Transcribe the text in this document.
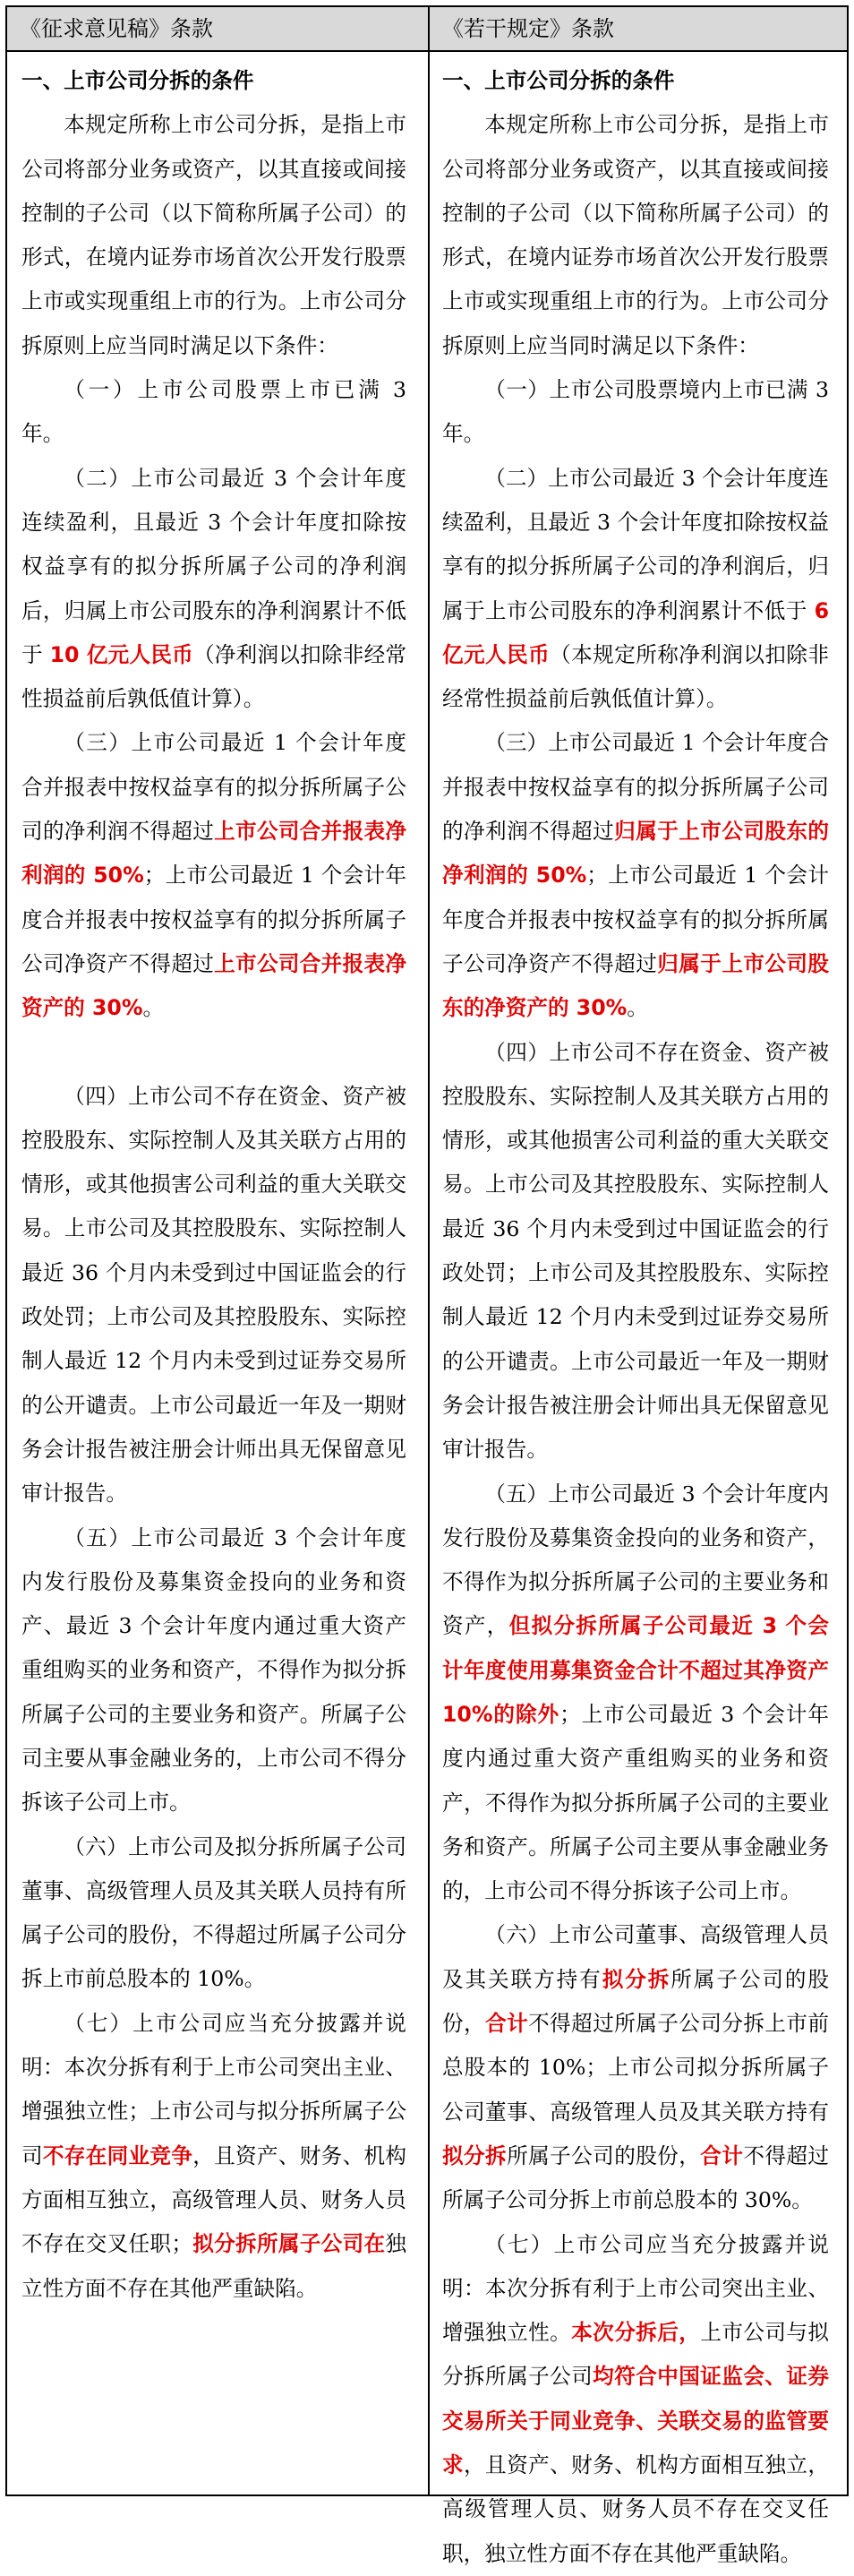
《征求意见稿》条款	《若干规定》条款
一、上市公司分拆的条件

本规定所称上市公司分拆，是指上市公司将部分业务或资产，以其直接或间接控制的子公司（以下简称所属子公司）的形式，在境内证券市场首次公开发行股票上市或实现重组上市的行为。上市公司分拆原则上应当同时满足以下条件：

（一）上市公司股票上市已满 3 年。

（二）上市公司最近 3 个会计年度连续盈利，且最近 3 个会计年度扣除按权益享有的拟分拆所属子公司的净利润后，归属上市公司股东的净利润累计不低于 10 亿元人民币（净利润以扣除非经常性损益前后孰低值计算）。

（三）上市公司最近 1 个会计年度合并报表中按权益享有的拟分拆所属子公司的净利润不得超过上市公司合并报表净利润的 50%；上市公司最近 1 个会计年度合并报表中按权益享有的拟分拆所属子公司净资产不得超过上市公司合并报表净资产的 30%。

（四）上市公司不存在资金、资产被控股股东、实际控制人及其关联方占用的情形，或其他损害公司利益的重大关联交易。上市公司及其控股股东、实际控制人最近 36 个月内未受到过中国证监会的行政处罚；上市公司及其控股股东、实际控制人最近 12 个月内未受到过证券交易所的公开谴责。上市公司最近一年及一期财务会计报告被注册会计师出具无保留意见审计报告。

（五）上市公司最近 3 个会计年度内发行股份及募集资金投向的业务和资产、最近 3 个会计年度内通过重大资产重组购买的业务和资产，不得作为拟分拆所属子公司的主要业务和资产。所属子公司主要从事金融业务的，上市公司不得分拆该子公司上市。

（六）上市公司及拟分拆所属子公司董事、高级管理人员及其关联人员持有所属子公司的股份，不得超过所属子公司分拆上市前总股本的 10%。

（七）上市公司应当充分披露并说明：本次分拆有利于上市公司突出主业、增强独立性；上市公司与拟分拆所属子公司不存在同业竞争，且资产、财务、机构方面相互独立，高级管理人员、财务人员不存在交叉任职；拟分拆所属子公司在独立性方面不存在其他严重缺陷。

一、上市公司分拆的条件

本规定所称上市公司分拆，是指上市公司将部分业务或资产，以其直接或间接控制的子公司（以下简称所属子公司）的形式，在境内证券市场首次公开发行股票上市或实现重组上市的行为。上市公司分拆原则上应当同时满足以下条件：

（一）上市公司股票境内上市已满 3 年。

（二）上市公司最近 3 个会计年度连续盈利，且最近 3 个会计年度扣除按权益享有的拟分拆所属子公司的净利润后，归属于上市公司股东的净利润累计不低于 6 亿元人民币（本规定所称净利润以扣除非经常性损益前后孰低值计算）。

（三）上市公司最近 1 个会计年度合并报表中按权益享有的拟分拆所属子公司的净利润不得超过归属于上市公司股东的净利润的 50%；上市公司最近 1 个会计年度合并报表中按权益享有的拟分拆所属子公司净资产不得超过归属于上市公司股东的净资产的 30%。

（四）上市公司不存在资金、资产被控股股东、实际控制人及其关联方占用的情形，或其他损害公司利益的重大关联交易。上市公司及其控股股东、实际控制人最近 36 个月内未受到过中国证监会的行政处罚；上市公司及其控股股东、实际控制人最近 12 个月内未受到过证券交易所的公开谴责。上市公司最近一年及一期财务会计报告被注册会计师出具无保留意见审计报告。

（五）上市公司最近 3 个会计年度内发行股份及募集资金投向的业务和资产，不得作为拟分拆所属子公司的主要业务和资产，但拟分拆所属子公司最近 3 个会计年度使用募集资金合计不超过其净资产 10%的除外；上市公司最近 3 个会计年度内通过重大资产重组购买的业务和资产，不得作为拟分拆所属子公司的主要业务和资产。所属子公司主要从事金融业务的，上市公司不得分拆该子公司上市。

（六）上市公司董事、高级管理人员及其关联方持有拟分拆所属子公司的股份，合计不得超过所属子公司分拆上市前总股本的 10%；上市公司拟分拆所属子公司董事、高级管理人员及其关联方持有拟分拆所属子公司的股份，合计不得超过所属子公司分拆上市前总股本的 30%。

（七）上市公司应当充分披露并说明：本次分拆有利于上市公司突出主业、增强独立性。本次分拆后，上市公司与拟分拆所属子公司均符合中国证监会、证券交易所关于同业竞争、关联交易的监管要求，且资产、财务、机构方面相互独立，高级管理人员、财务人员不存在交叉任职，独立性方面不存在其他严重缺陷。
